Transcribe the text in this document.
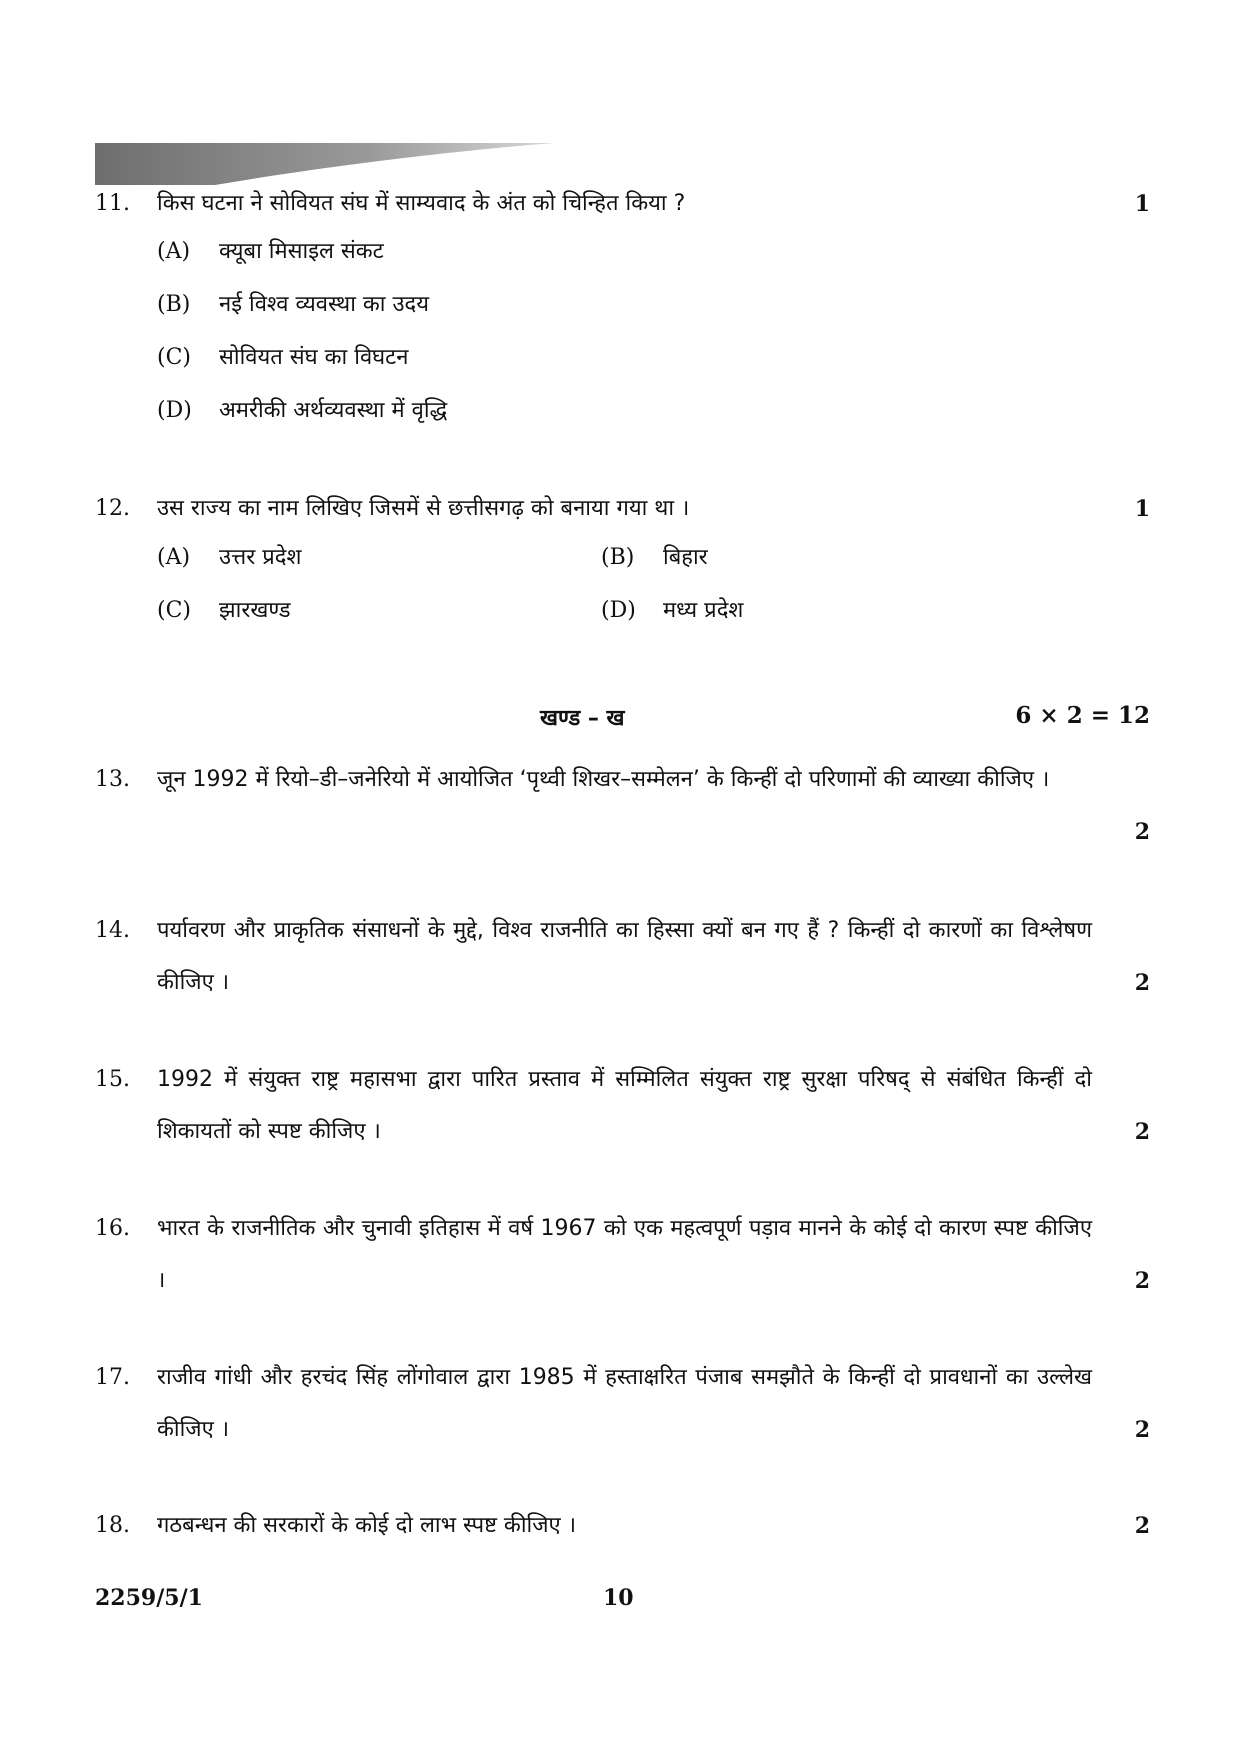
11.	किस घटना ने सोवियत संघ में साम्यवाद के अंत को चिन्हित किया ?	1
(A) क्यूबा मिसाइल संकट
(B) नई विश्व व्यवस्था का उदय
(C) सोवियत संघ का विघटन
(D) अमरीकी अर्थव्यवस्था में वृद्धि
12.	उस राज्य का नाम लिखिए जिसमें से छत्तीसगढ़ को बनाया गया था ।	1
(A) उत्तर प्रदेश	(B) बिहार
(C) झारखण्ड	(D) मध्य प्रदेश
खण्ड – ख	6 × 2 = 12
13.	जून 1992 में रियो–डी–जनेरियो में आयोजित ‘पृथ्वी शिखर–सम्मेलन’ के किन्हीं दो परिणामों की व्याख्या कीजिए ।
2
14.	पर्यावरण और प्राकृतिक संसाधनों के मुद्दे, विश्व राजनीति का हिस्सा क्यों बन गए हैं ? किन्हीं दो कारणों का विश्लेषण कीजिए ।	2
15.	1992 में संयुक्त राष्ट्र महासभा द्वारा पारित प्रस्ताव में सम्मिलित संयुक्त राष्ट्र सुरक्षा परिषद् से संबंधित किन्हीं दो शिकायतों को स्पष्ट कीजिए ।	2
16.	भारत के राजनीतिक और चुनावी इतिहास में वर्ष 1967 को एक महत्वपूर्ण पड़ाव मानने के कोई दो कारण स्पष्ट कीजिए ।	2
17.	राजीव गांधी और हरचंद सिंह लोंगोवाल द्वारा 1985 में हस्ताक्षरित पंजाब समझौते के किन्हीं दो प्रावधानों का उल्लेख कीजिए ।	2
18.	गठबन्धन की सरकारों के कोई दो लाभ स्पष्ट कीजिए ।	2
2259/5/1	10
